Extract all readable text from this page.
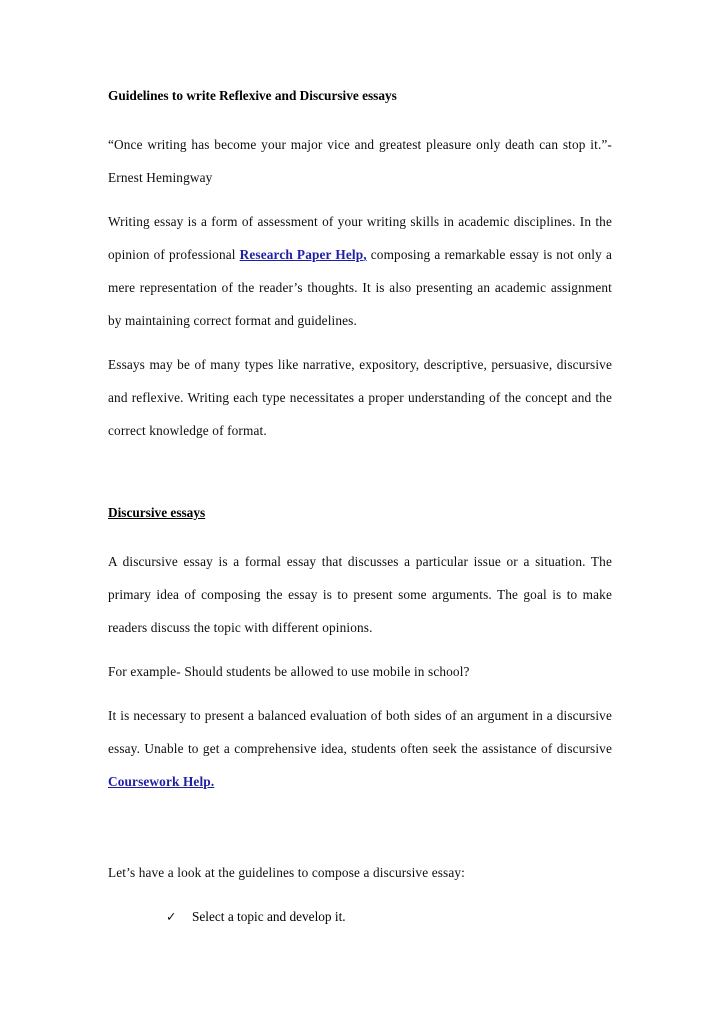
Guidelines to write Reflexive and Discursive essays

“Once writing has become your major vice and greatest pleasure only death can stop it.”- Ernest Hemingway

Writing essay is a form of assessment of your writing skills in academic disciplines. In the opinion of professional Research Paper Help, composing a remarkable essay is not only a mere representation of the reader’s thoughts. It is also presenting an academic assignment by maintaining correct format and guidelines.

Essays may be of many types like narrative, expository, descriptive, persuasive, discursive and reflexive. Writing each type necessitates a proper understanding of the concept and the correct knowledge of format.

Discursive essays

A discursive essay is a formal essay that discusses a particular issue or a situation. The primary idea of composing the essay is to present some arguments. The goal is to make readers discuss the topic with different opinions.

For example- Should students be allowed to use mobile in school?

It is necessary to present a balanced evaluation of both sides of an argument in a discursive essay. Unable to get a comprehensive idea, students often seek the assistance of discursive Coursework Help.

Let’s have a look at the guidelines to compose a discursive essay:

✓	Select a topic and develop it.
